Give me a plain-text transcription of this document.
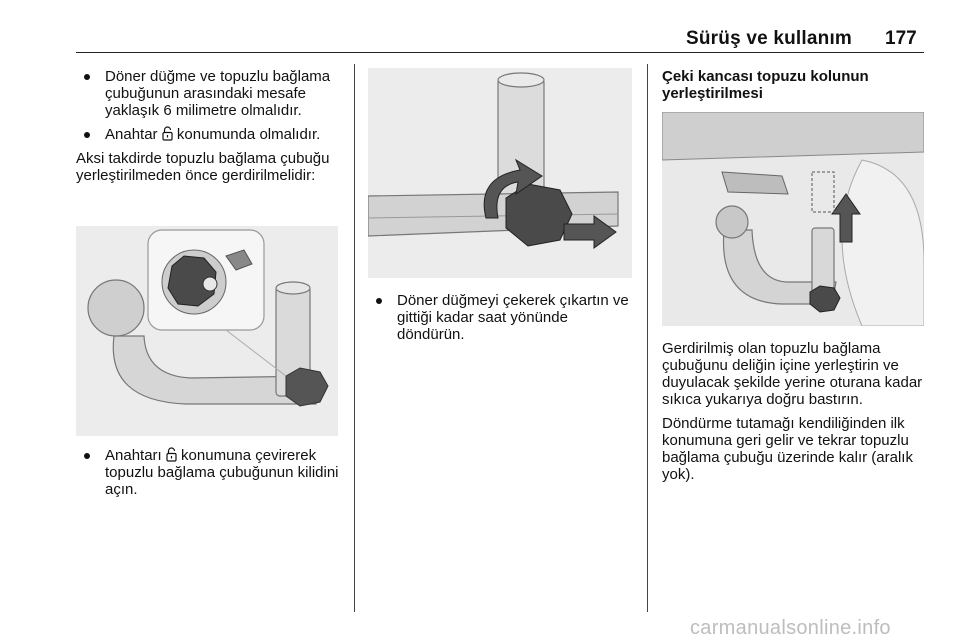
Sürüş ve kullanım 177
Döner düğme ve topuzlu bağlama çubuğunun arasındaki mesafe yaklaşık 6 milimetre olmalıdır.
Anahtar  konumunda olmalıdır.

Aksi takdirde topuzlu bağlama çubuğu yerleştirilmeden önce gerdirilmelidir:

Anahtarı  konumuna çevirerek topuzlu bağlama çubuğunun kilidini açın.
Döner düğmeyi çekerek çıkartın ve gittiği kadar saat yönünde döndürün.

Çeki kancası topuzu kolunun yerleştirilmesi

Gerdirilmiş olan topuzlu bağlama çubuğunu deliğin içine yerleştirin ve duyulacak şekilde yerine oturana kadar sıkıca yukarıya doğru bastırın.

Döndürme tutamağı kendiliğinden ilk konumuna geri gelir ve tekrar topuzlu bağlama çubuğu üzerinde kalır (aralık yok).

carmanualsonline.info
